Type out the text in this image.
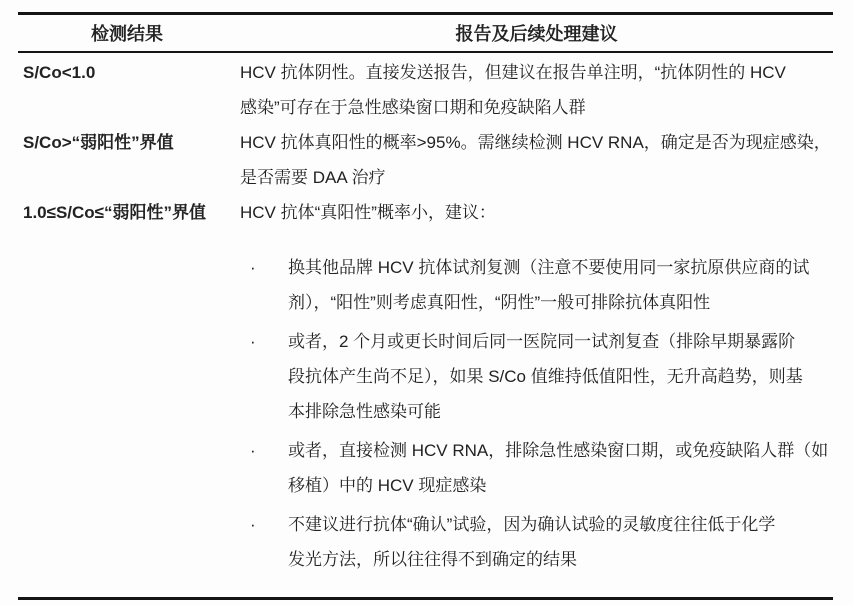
检测结果	报告及后续处理建议
S/Co<1.0	HCV 抗体阴性。直接发送报告，但建议在报告单注明，“抗体阴性的 HCV
感染”可存在于急性感染窗口期和免疫缺陷人群
S/Co>“弱阳性”界值	HCV 抗体真阳性的概率>95%。需继续检测 HCV RNA，确定是否为现症感染，
是否需要 DAA 治疗
1.0≤S/Co≤“弱阳性”界值	HCV 抗体“真阳性”概率小，建议：
·	换其他品牌 HCV 抗体试剂复测（注意不要使用同一家抗原供应商的试
剂），“阳性”则考虑真阳性，“阴性”一般可排除抗体真阳性
·	或者，2 个月或更长时间后同一医院同一试剂复查（排除早期暴露阶
段抗体产生尚不足），如果 S/Co 值维持低值阳性，无升高趋势，则基
本排除急性感染可能
·	或者，直接检测 HCV RNA，排除急性感染窗口期，或免疫缺陷人群（如
移植）中的 HCV 现症感染
·	不建议进行抗体“确认”试验，因为确认试验的灵敏度往往低于化学
发光方法，所以往往得不到确定的结果
